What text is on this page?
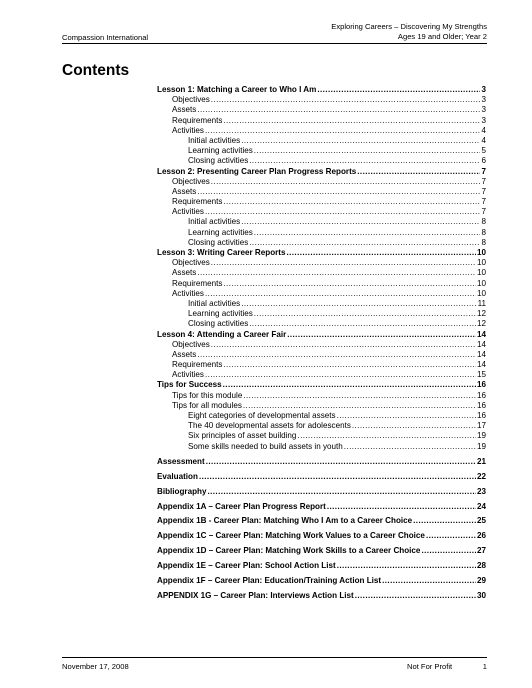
Compassion International
Exploring Careers – Discovering My Strengths
Ages 19 and Older; Year 2
Contents
Lesson 1: Matching a Career to Who I Am .....	3
Objectives .....	3
Assets .....	3
Requirements .....	3
Activities .....	4
Initial activities .....	4
Learning activities .....	5
Closing activities .....	6
Lesson 2: Presenting Career Plan Progress Reports .....	7
Objectives .....	7
Assets .....	7
Requirements .....	7
Activities .....	7
Initial activities .....	8
Learning activities .....	8
Closing activities .....	8
Lesson 3: Writing Career Reports .....	10
Objectives .....	10
Assets .....	10
Requirements .....	10
Activities .....	10
Initial activities .....	11
Learning activities .....	12
Closing activities .....	12
Lesson 4: Attending a Career Fair .....	14
Objectives .....	14
Assets .....	14
Requirements .....	14
Activities .....	15
Tips for Success .....	16
Tips for this module .....	16
Tips for all modules .....	16
Eight categories of developmental assets .....	16
The 40 developmental assets for adolescents .....	17
Six principles of asset building .....	19
Some skills needed to build assets in youth .....	19
Assessment .....	21
Evaluation .....	22
Bibliography .....	23
Appendix 1A – Career Plan Progress Report .....	24
Appendix 1B - Career Plan: Matching Who I Am to a Career Choice .....	25
Appendix 1C – Career Plan: Matching Work Values to a Career Choice .....	26
Appendix 1D – Career Plan: Matching Work Skills to a Career Choice .....	27
Appendix 1E – Career Plan: School Action List .....	28
Appendix 1F – Career Plan: Education/Training Action List .....	29
APPENDIX 1G – Career Plan: Interviews Action List .....	30
November 17, 2008	Not For Profit	1
